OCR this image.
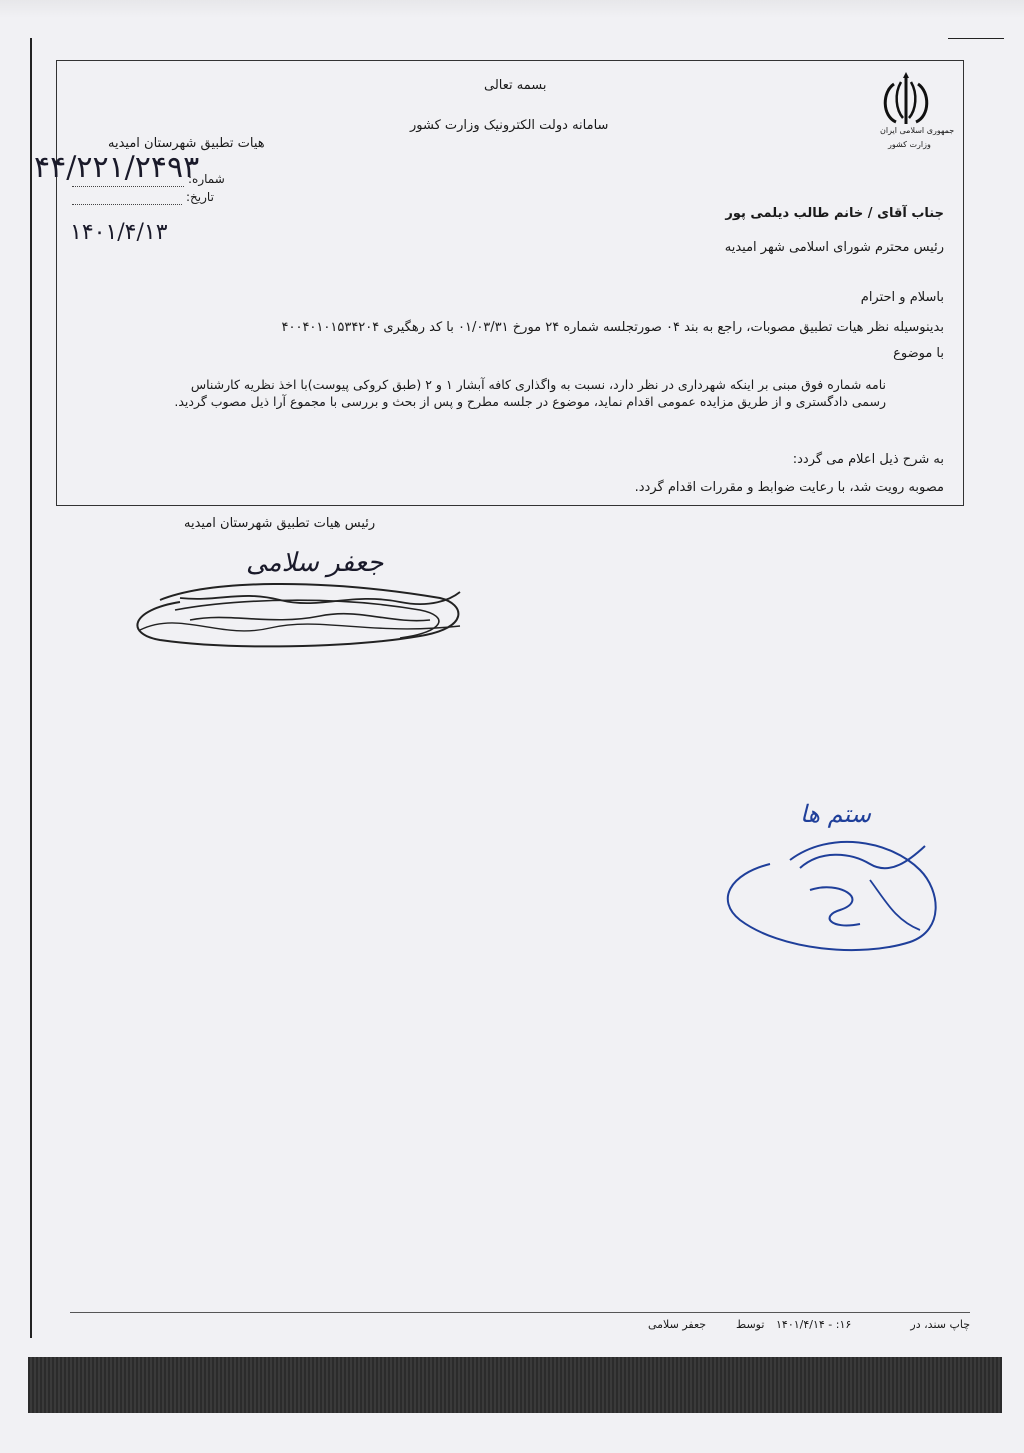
جمهوری اسلامی ایران
وزارت کشور
بسمه تعالی
سامانه دولت الکترونیک وزارت کشور
هیات تطبیق شهرستان امیدیه
۴۴/۲۲۱/۲۴۹۳
شماره:
تاریخ:
۱۴۰۱/۴/۱۳
جناب آقای / خانم طالب دیلمی پور
رئیس محترم شورای اسلامی شهر امیدیه
باسلام و احترام
بدینوسیله نظر هیات تطبیق مصوبات، راجع به بند ۰۴ صورتجلسه شماره ۲۴ مورخ ۰۱/۰۳/۳۱ با کد رهگیری ۴۰۰۴۰۱۰۱۵۳۴۲۰۴
با موضوع
نامه شماره فوق مبنی بر اینکه شهرداری در نظر دارد، نسبت به واگذاری کافه آبشار ۱ و ۲ (طبق کروکی پیوست)با اخذ نظریه کارشناس رسمی دادگستری و از طریق مزایده عمومی اقدام نماید، موضوع در جلسه مطرح و پس از بحث و بررسی با مجموع آرا ذیل مصوب گردید.
به شرح ذیل اعلام می گردد:
مصوبه رویت شد، با رعایت ضوابط و مقررات اقدام گردد.
رئیس هیات تطبیق شهرستان امیدیه
جعفر سلامی
ستم ها
چاپ سند، در
۱۶: - ۱۴۰۱/۴/۱۴
توسط
جعفر سلامی
